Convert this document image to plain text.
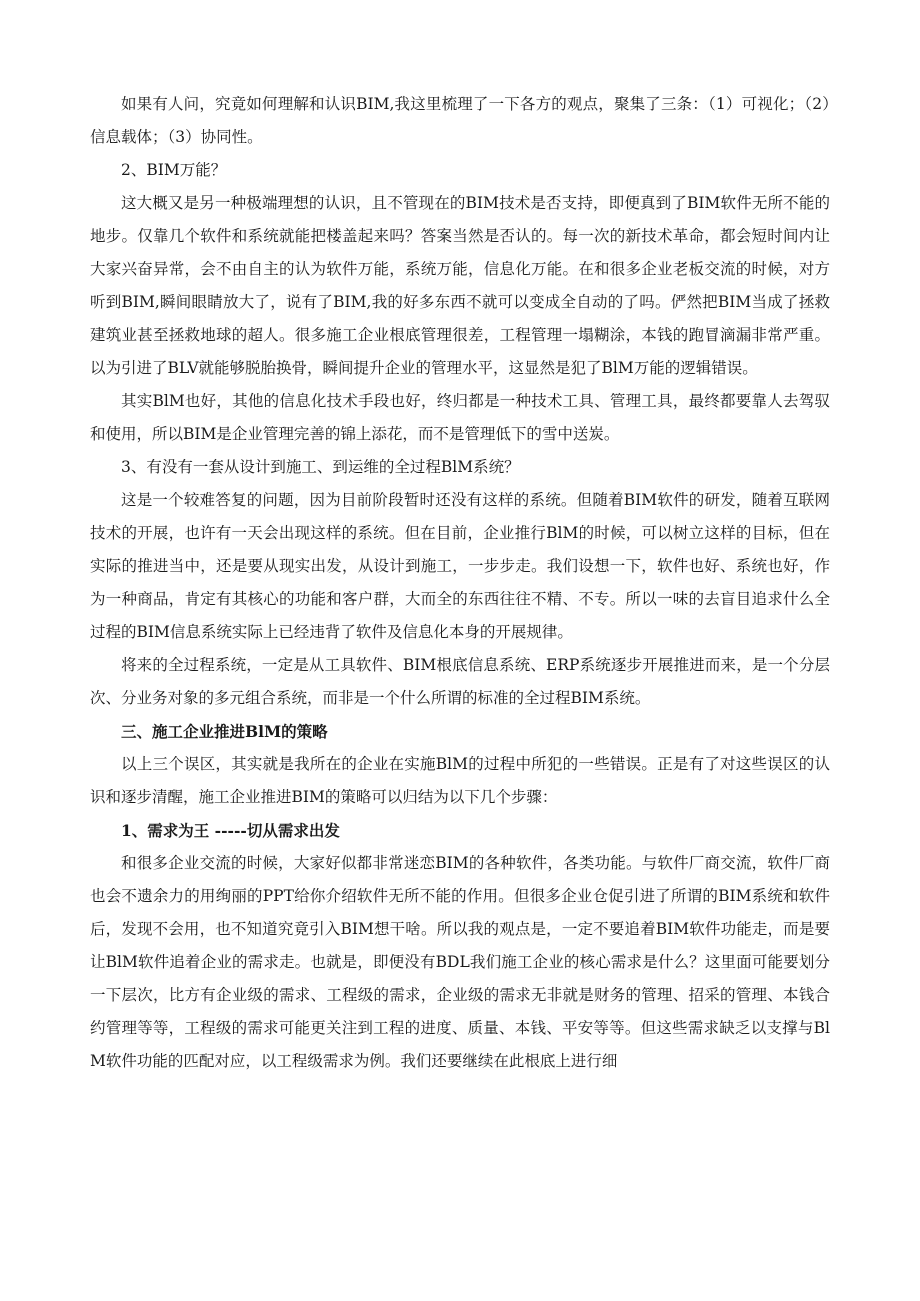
如果有人问，究竟如何理解和认识BIM,我这里梳理了一下各方的观点，聚集了三条：（1）可视化；（2）信息载体；（3）协同性。

2、BIM万能？

这大概又是另一种极端理想的认识，且不管现在的BIM技术是否支持，即便真到了BIM软件无所不能的地步。仅靠几个软件和系统就能把楼盖起来吗？答案当然是否认的。每一次的新技术革命，都会短时间内让大家兴奋异常，会不由自主的认为软件万能，系统万能，信息化万能。在和很多企业老板交流的时候，对方听到BIM,瞬间眼睛放大了，说有了BIM,我的好多东西不就可以变成全自动的了吗。俨然把BIM当成了拯救建筑业甚至拯救地球的超人。很多施工企业根底管理很差，工程管理一塌糊涂，本钱的跑冒滴漏非常严重。以为引进了BLV就能够脱胎换骨，瞬间提升企业的管理水平，这显然是犯了BlM万能的逻辑错误。

其实BlM也好，其他的信息化技术手段也好，终归都是一种技术工具、管理工具，最终都要靠人去驾驭和使用，所以BIM是企业管理完善的锦上添花，而不是管理低下的雪中送炭。

3、有没有一套从设计到施工、到运维的全过程BlM系统？

这是一个较难答复的问题，因为目前阶段暂时还没有这样的系统。但随着BIM软件的研发，随着互联网技术的开展，也许有一天会出现这样的系统。但在目前，企业推行BlM的时候，可以树立这样的目标，但在实际的推进当中，还是要从现实出发，从设计到施工，一步步走。我们设想一下，软件也好、系统也好，作为一种商品，肯定有其核心的功能和客户群，大而全的东西往往不精、不专。所以一味的去盲目追求什么全过程的BIM信息系统实际上已经违背了软件及信息化本身的开展规律。

将来的全过程系统，一定是从工具软件、BIM根底信息系统、ERP系统逐步开展推进而来，是一个分层次、分业务对象的多元组合系统，而非是一个什么所谓的标准的全过程BIM系统。

三、施工企业推进BlM的策略

以上三个误区，其实就是我所在的企业在实施BlM的过程中所犯的一些错误。正是有了对这些误区的认识和逐步清醒，施工企业推进BIM的策略可以归结为以下几个步骤：

1、需求为王 -----切从需求出发

和很多企业交流的时候，大家好似都非常迷恋BIM的各种软件，各类功能。与软件厂商交流，软件厂商也会不遗余力的用绚丽的PPT给你介绍软件无所不能的作用。但很多企业仓促引进了所谓的BIM系统和软件后，发现不会用，也不知道究竟引入BIM想干啥。所以我的观点是，一定不要追着BIM软件功能走，而是要让BlM软件追着企业的需求走。也就是，即便没有BDL我们施工企业的核心需求是什么？这里面可能要划分一下层次，比方有企业级的需求、工程级的需求，企业级的需求无非就是财务的管理、招采的管理、本钱合约管理等等，工程级的需求可能更关注到工程的进度、质量、本钱、平安等等。但这些需求缺乏以支撑与BlM软件功能的匹配对应，以工程级需求为例。我们还要继续在此根底上进行细
